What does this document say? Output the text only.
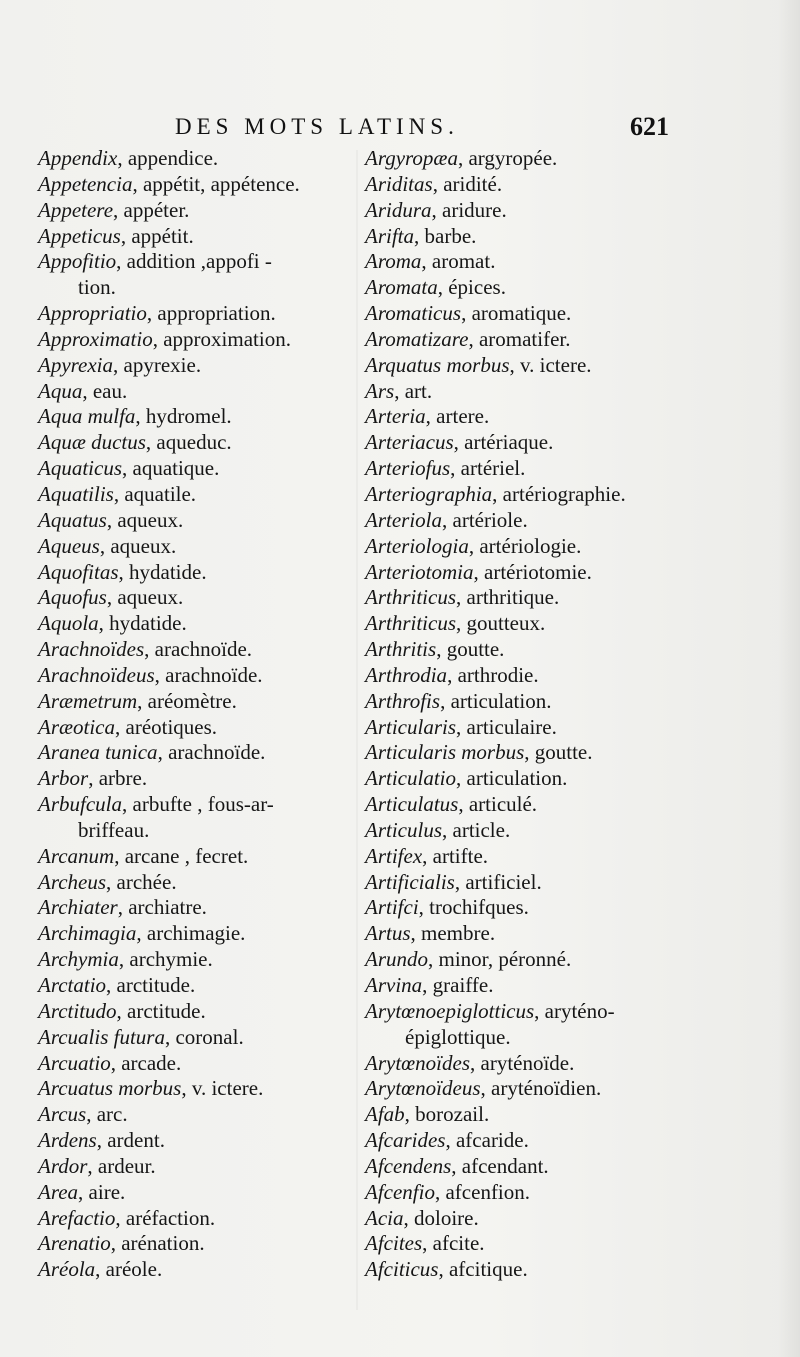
DES MOTS LATINS.	621
Appendix, appendice.
Appetencia, appétit, appétence.
Appetere, appéter.
Appeticus, appétit.
Appofitio, addition ,appofi -
tion.
Appropriatio, appropriation.
Approximatio, approximation.
Apyrexia, apyrexie.
Aqua, eau.
Aqua mulfa, hydromel.
Aquæ ductus, aqueduc.
Aquaticus, aquatique.
Aquatilis, aquatile.
Aquatus, aqueux.
Aqueus, aqueux.
Aquofitas, hydatide.
Aquofus, aqueux.
Aquola, hydatide.
Arachnoïdes, arachnoïde.
Arachnoïdeus, arachnoïde.
Aræmetrum, aréomètre.
Aræotica, aréotiques.
Aranea tunica, arachnoïde.
Arbor, arbre.
Arbufcula, arbufte , fous-ar-
briffeau.
Arcanum, arcane , fecret.
Archeus, archée.
Archiater, archiatre.
Archimagia, archimagie.
Archymia, archymie.
Arctatio, arctitude.
Arctitudo, arctitude.
Arcualis futura, coronal.
Arcuatio, arcade.
Arcuatus morbus, v. ictere.
Arcus, arc.
Ardens, ardent.
Ardor, ardeur.
Area, aire.
Arefactio, aréfaction.
Arenatio, arénation.
Aréola, aréole.
Argyropæa, argyropée.
Ariditas, aridité.
Aridura, aridure.
Arifta, barbe.
Aroma, aromat.
Aromata, épices.
Aromaticus, aromatique.
Aromatizare, aromatifer.
Arquatus morbus, v. ictere.
Ars, art.
Arteria, artere.
Arteriacus, artériaque.
Arteriofus, artériel.
Arteriographia, artériographie.
Arteriola, artériole.
Arteriologia, artériologie.
Arteriotomia, artériotomie.
Arthriticus, arthritique.
Arthriticus, goutteux.
Arthritis, goutte.
Arthrodia, arthrodie.
Arthrofis, articulation.
Articularis, articulaire.
Articularis morbus, goutte.
Articulatio, articulation.
Articulatus, articulé.
Articulus, article.
Artifex, artifte.
Artificialis, artificiel.
Artifci, trochifques.
Artus, membre.
Arundo, minor, péronné.
Arvina, graiffe.
Arytœnoepiglotticus, aryténo-
épiglottique.
Arytœnoïdes, aryténoïde.
Arytœnoïdeus, aryténoïdien.
Afab, borozail.
Afcarides, afcaride.
Afcendens, afcendant.
Afcenfio, afcenfion.
Acia, doloire.
Afcites, afcite.
Afciticus, afcitique.
